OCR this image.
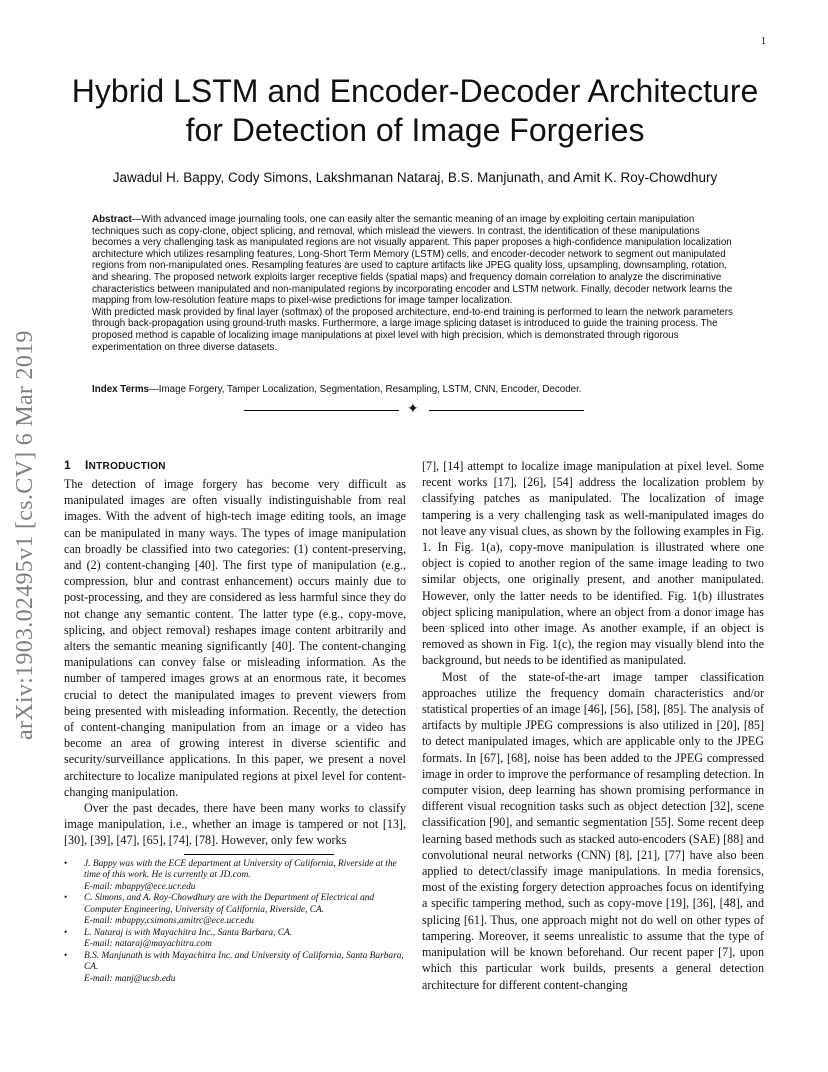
1
Hybrid LSTM and Encoder-Decoder Architecture
for Detection of Image Forgeries
Jawadul H. Bappy, Cody Simons, Lakshmanan Nataraj, B.S. Manjunath, and Amit K. Roy-Chowdhury

Abstract—With advanced image journaling tools, one can easily alter the semantic meaning of an image by exploiting certain manipulation techniques such as copy-clone, object splicing, and removal, which mislead the viewers. In contrast, the identification of these manipulations becomes a very challenging task as manipulated regions are not visually apparent. This paper proposes a high-confidence manipulation localization architecture which utilizes resampling features, Long-Short Term Memory (LSTM) cells, and encoder-decoder network to segment out manipulated regions from non-manipulated ones. Resampling features are used to capture artifacts like JPEG quality loss, upsampling, downsampling, rotation, and shearing. The proposed network exploits larger receptive fields (spatial maps) and frequency domain correlation to analyze the discriminative characteristics between manipulated and non-manipulated regions by incorporating encoder and LSTM network. Finally, decoder network learns the mapping from low-resolution feature maps to pixel-wise predictions for image tamper localization.

With predicted mask provided by final layer (softmax) of the proposed architecture, end-to-end training is performed to learn the network parameters through back-propagation using ground-truth masks. Furthermore, a large image splicing dataset is introduced to guide the training process. The proposed method is capable of localizing image manipulations at pixel level with high precision, which is demonstrated through rigorous experimentation on three diverse datasets.

Index Terms—Image Forgery, Tamper Localization, Segmentation, Resampling, LSTM, CNN, Encoder, Decoder.
✦
arXiv:1903.02495v1 [cs.CV] 6 Mar 2019 1 INTRODUCTION

The detection of image forgery has become very difficult as manipulated images are often visually indistinguishable from real images. With the advent of high-tech image editing tools, an image can be manipulated in many ways. The types of image manipulation can broadly be classified into two categories: (1) content-preserving, and (2) content-changing [40]. The first type of manipulation (e.g., compression, blur and contrast enhancement) occurs mainly due to post-processing, and they are considered as less harmful since they do not change any semantic content. The latter type (e.g., copy-move, splicing, and object removal) reshapes image content arbitrarily and alters the semantic meaning significantly [40]. The content-changing manipulations can convey false or misleading information. As the number of tampered images grows at an enormous rate, it becomes crucial to detect the manipulated images to prevent viewers from being presented with misleading information. Recently, the detection of content-changing manipulation from an image or a video has become an area of growing interest in diverse scientific and security/surveillance applications. In this paper, we present a novel architecture to localize manipulated regions at pixel level for content-changing manipulation.

Over the past decades, there have been many works to classify image manipulation, i.e., whether an image is tampered or not [13], [30], [39], [47], [65], [74], [78]. However, only few works

• J. Bappy was with the ECE department at University of California, Riverside at the time of this work. He is currently at JD.com.
E-mail: mbappy@ece.ucr.edu

• C. Simons, and A. Roy-Chowdhury are with the Department of Electrical and Computer Engineering, University of California, Riverside, CA.
E-mail: mbappy,csimons,amitrc@ece.ucr.edu

• L. Nataraj is with Mayachitra Inc., Santa Barbara, CA.
E-mail: nataraj@mayachitra.com

• B.S. Manjunath is with Mayachitra Inc. and University of California, Santa Barbara, CA.
E-mail: manj@ucsb.edu

[7], [14] attempt to localize image manipulation at pixel level. Some recent works [17], [26], [54] address the localization problem by classifying patches as manipulated. The localization of image tampering is a very challenging task as well-manipulated images do not leave any visual clues, as shown by the following examples in Fig. 1. In Fig. 1(a), copy-move manipulation is illustrated where one object is copied to another region of the same image leading to two similar objects, one originally present, and another manipulated. However, only the latter needs to be identified. Fig. 1(b) illustrates object splicing manipulation, where an object from a donor image has been spliced into other image. As another example, if an object is removed as shown in Fig. 1(c), the region may visually blend into the background, but needs to be identified as manipulated.

Most of the state-of-the-art image tamper classification approaches utilize the frequency domain characteristics and/or statistical properties of an image [46], [56], [58], [85]. The analysis of artifacts by multiple JPEG compressions is also utilized in [20], [85] to detect manipulated images, which are applicable only to the JPEG formats. In [67], [68], noise has been added to the JPEG compressed image in order to improve the performance of resampling detection. In computer vision, deep learning has shown promising performance in different visual recognition tasks such as object detection [32], scene classification [90], and semantic segmentation [55]. Some recent deep learning based methods such as stacked auto-encoders (SAE) [88] and convolutional neural networks (CNN) [8], [21], [77] have also been applied to detect/classify image manipulations. In media forensics, most of the existing forgery detection approaches focus on identifying a specific tampering method, such as copy-move [19], [36], [48], and splicing [61]. Thus, one approach might not do well on other types of tampering. Moreover, it seems unrealistic to assume that the type of manipulation will be known beforehand. Our recent paper [7], upon which this particular work builds, presents a general detection architecture for different content-changing
